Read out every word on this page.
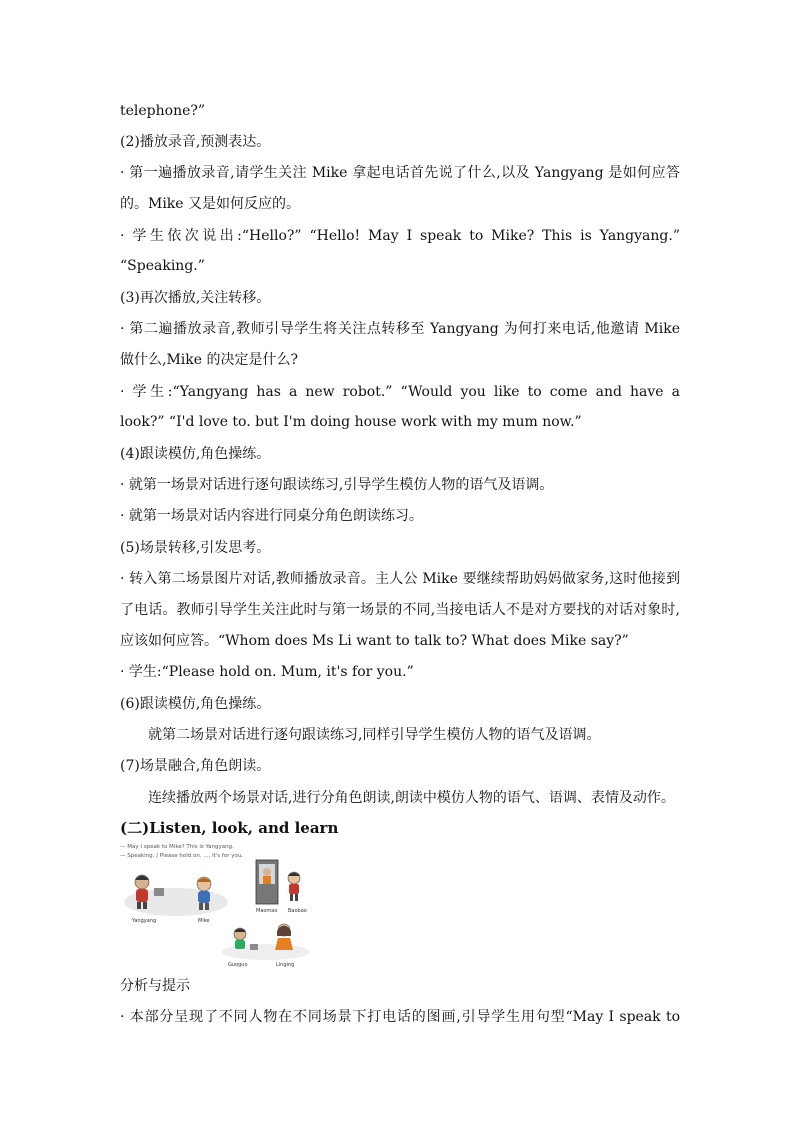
telephone?”
(2)播放录音,预测表达。
· 第一遍播放录音,请学生关注 Mike 拿起电话首先说了什么,以及 Yangyang 是如何应答
的。Mike 又是如何反应的。
· 学生依次说出:“Hello?” “Hello! May I speak to Mike? This is Yangyang.”
“Speaking.”
(3)再次播放,关注转移。
· 第二遍播放录音,教师引导学生将关注点转移至 Yangyang 为何打来电话,他邀请 Mike
做什么,Mike 的决定是什么?
· 学生:“Yangyang has a new robot.” “Would you like to come and have a
look?” “I'd love to. but I'm doing house work with my mum now.”
(4)跟读模仿,角色操练。
· 就第一场景对话进行逐句跟读练习,引导学生模仿人物的语气及语调。
· 就第一场景对话内容进行同桌分角色朗读练习。
(5)场景转移,引发思考。
· 转入第二场景图片对话,教师播放录音。主人公 Mike 要继续帮助妈妈做家务,这时他接到
了电话。教师引导学生关注此时与第一场景的不同,当接电话人不是对方要找的对话对象时,
应该如何应答。“Whom does Ms Li want to talk to? What does Mike say?”
· 学生:“Please hold on. Mum, it's for you.”
(6)跟读模仿,角色操练。
就第二场景对话进行逐句跟读练习,同样引导学生模仿人物的语气及语调。
(7)场景融合,角色朗读。
连续播放两个场景对话,进行分角色朗读,朗读中模仿人物的语气、语调、表情及动作。
(二)Listen, look, and learn
— May I speak to Mike? This is Yangyang.
— Speaking. / Please hold on. ..., it's for you.
Yangyang	Mike
Maomao Baobao
Guoguo	Linging
分析与提示
· 本部分呈现了不同人物在不同场景下打电话的图画,引导学生用句型“May I speak to
